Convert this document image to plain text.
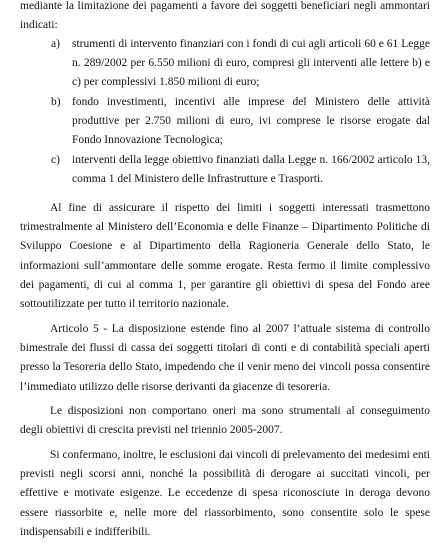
mediante la limitazione dei pagamenti a favore dei soggetti beneficiari negli ammontari indicati:
a)	strumenti di intervento finanziari con i fondi di cui agli articoli 60 e 61 Legge n. 289/2002 per 6.550 milioni di euro, compresi gli interventi alle lettere b) e c) per complessivi 1.850 milioni di euro;
b) fondo investimenti, incentivi alle imprese del Ministero delle attività produttive per 2.750 milioni di euro, ivi comprese le risorse erogate dal Fondo Innovazione Tecnologica;
c)	interventi della legge obiettivo finanziati dalla Legge n. 166/2002 articolo 13, comma 1 del Ministero delle Infrastrutture e Trasporti.
Al fine di assicurare il rispetto dei limiti i soggetti interessati trasmettono trimestralmente al Ministero dell’Economia e delle Finanze – Dipartimento Politiche di Sviluppo Coesione e al Dipartimento della Ragioneria Generale dello Stato, le informazioni sull’ammontare delle somme erogate. Resta fermo il limite complessivo dei pagamenti, di cui al comma 1, per garantire gli obiettivi di spesa del Fondo aree sottoutilizzate per tutto il territorio nazionale.
Articolo 5 - La disposizione estende fino al 2007 l’attuale sistema di controllo bimestrale dei flussi di cassa dei soggetti titolari di conti e di contabilità speciali aperti presso la Tesoreria dello Stato, impedendo che il venir meno dei vincoli possa consentire l’immediato utilizzo delle risorse derivanti da giacenze di tesoreria.
Le disposizioni non comportano oneri ma sono strumentali al conseguimento degli obiettivi di crescita previsti nel triennio 2005-2007.
Si confermano, inoltre, le esclusioni dai vincoli di prelevamento dei medesimi enti previsti negli scorsi anni, nonché la possibilità di derogare ai succitati vincoli, per effettive e motivate esigenze. Le eccedenze di spesa riconosciute in deroga devono essere riassorbite e, nelle more del riassorbimento, sono consentite solo le spese indispensabili e indifferibili.
